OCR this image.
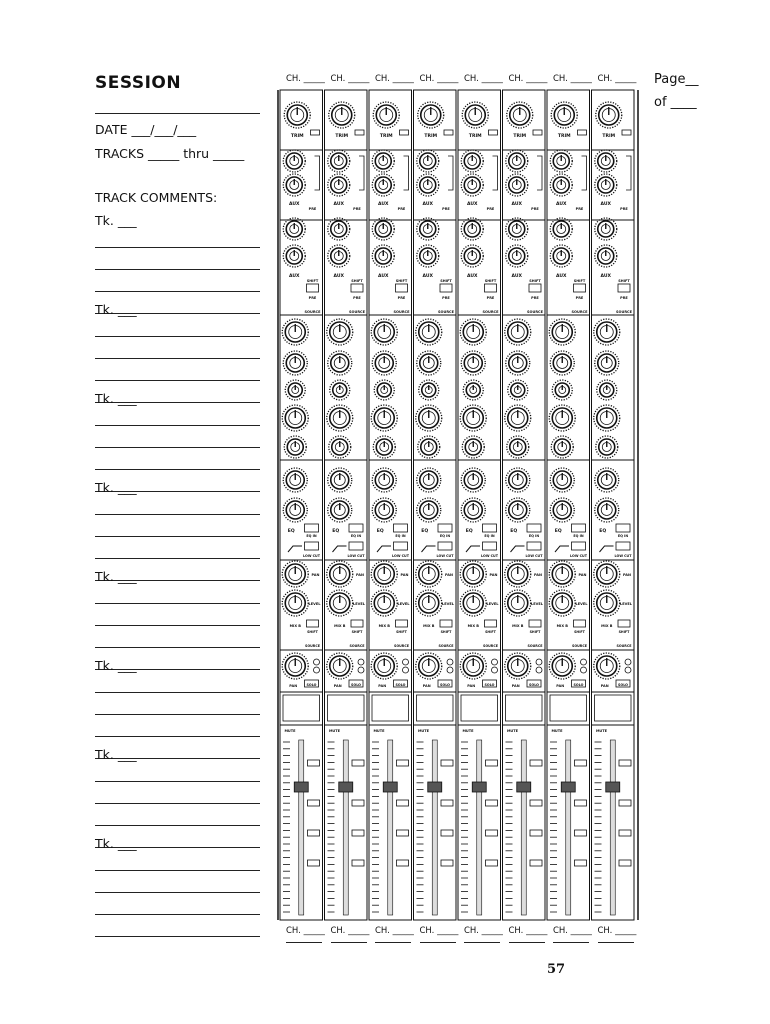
SESSION
DATE ___/___/___
TRACKS _____ thru _____
TRACK COMMENTS:
Tk. ___
Tk. ___
Tk. ___
Tk. ___
Tk. ___
Tk. ___
Tk. ___
Tk. ___
Page__
of ____
TRIM
AUX
PRE
AUX
SHIFT
PRE
SOURCE
EQ
EQ IN
LOW CUT
PAN
LEVEL
MIX B
SHIFT
SOURCE
PAN	SOLO
MUTE
TRIM
AUX
PRE
AUX
SHIFT
PRE
SOURCE
EQ
EQ IN
LOW CUT
PAN
LEVEL
MIX B
SHIFT
SOURCE
PAN	SOLO
MUTE
TRIM
AUX
PRE
AUX
SHIFT
PRE
SOURCE
EQ
EQ IN
LOW CUT
PAN
LEVEL
MIX B
SHIFT
SOURCE
PAN	SOLO
MUTE
TRIM
AUX
PRE
AUX
SHIFT
PRE
SOURCE
EQ
EQ IN
LOW CUT
PAN
LEVEL
MIX B
SHIFT
SOURCE
PAN	SOLO
MUTE
TRIM
AUX
PRE
AUX
SHIFT
PRE
SOURCE
EQ
EQ IN
LOW CUT
PAN
LEVEL
MIX B
SHIFT
SOURCE
PAN	SOLO
MUTE
TRIM
AUX
PRE
AUX
SHIFT
PRE
SOURCE
EQ
EQ IN
LOW CUT
PAN
LEVEL
MIX B
SHIFT
SOURCE
PAN	SOLO
MUTE
TRIM
AUX
PRE
AUX
SHIFT
PRE
SOURCE
EQ
EQ IN
LOW CUT
PAN
LEVEL
MIX B
SHIFT
SOURCE
PAN	SOLO
MUTE
TRIM
AUX
PRE
AUX
SHIFT
PRE
SOURCE
EQ
EQ IN
LOW CUT
PAN
LEVEL
MIX B
SHIFT
SOURCE
PAN	SOLO
MUTE
57
CH. _____ CH. _____ CH. _____ CH. _____ CH. _____ CH. _____ CH. _____ CH. _____
CH. _____ CH. _____ CH. _____ CH. _____ CH. _____ CH. _____ CH. _____ CH. _____
